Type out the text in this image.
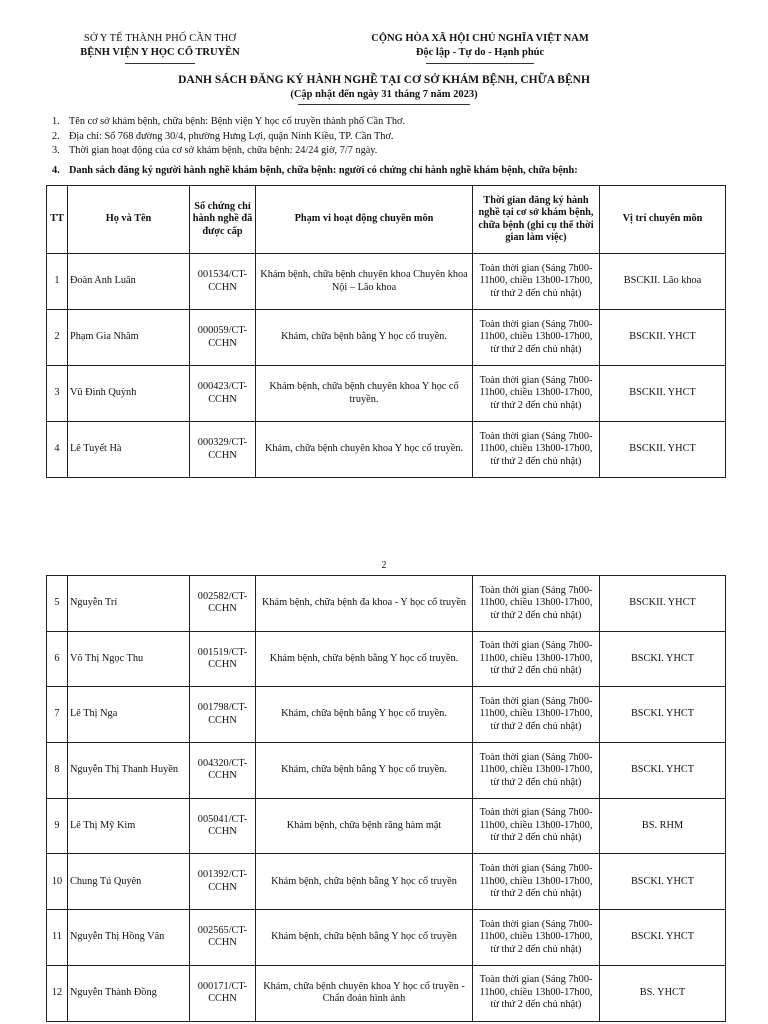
SỞ Y TẾ THÀNH PHỐ CẦN THƠ
BỆNH VIỆN Y HỌC CỔ TRUYỀN
CỘNG HÒA XÃ HỘI CHỦ NGHĨA VIỆT NAM
Độc lập - Tự do - Hạnh phúc
DANH SÁCH ĐĂNG KÝ HÀNH NGHỀ TẠI CƠ SỞ KHÁM BỆNH, CHỮA BỆNH
(Cập nhật đến ngày 31 tháng 7 năm 2023)
1. Tên cơ sở khám bệnh, chữa bệnh: Bệnh viện Y học cổ truyền thành phố Cần Thơ.
2. Địa chỉ: Số 768 đường 30/4, phường Hưng Lợi, quận Ninh Kiều, TP. Cần Thơ.
3. Thời gian hoạt động của cơ sở khám bệnh, chữa bệnh: 24/24 giờ, 7/7 ngày.
4. Danh sách đăng ký người hành nghề khám bệnh, chữa bệnh: người có chứng chỉ hành nghề khám bệnh, chữa bệnh:
TT	Họ và Tên	Số chứng chỉ hành nghề đã được cấp	Phạm vi hoạt động chuyên môn	Thời gian đăng ký hành nghề tại cơ sở khám bệnh, chữa bệnh (ghi cụ thể thời gian làm việc)	Vị trí chuyên môn
1	Đoàn Anh Luân	001534/CT-CCHN	Khám bệnh, chữa bệnh chuyên khoa Chuyên khoa Nội – Lão khoa	Toàn thời gian (Sáng 7h00-11h00, chiều 13h00-17h00, từ thứ 2 đến chủ nhật)	BSCKII. Lão khoa
2	Phạm Gia Nhâm	000059/CT-CCHN	Khám, chữa bệnh bằng Y học cổ truyền.	Toàn thời gian (Sáng 7h00-11h00, chiều 13h00-17h00, từ thứ 2 đến chủ nhật)	BSCKII. YHCT
3	Vũ Đình Quỳnh	000423/CT-CCHN	Khám bệnh, chữa bệnh chuyên khoa Y học cổ truyền.	Toàn thời gian (Sáng 7h00-11h00, chiều 13h00-17h00, từ thứ 2 đến chủ nhật)	BSCKII. YHCT
4	Lê Tuyết Hà	000329/CT-CCHN	Khám, chữa bệnh chuyên khoa Y học cổ truyền.	Toàn thời gian (Sáng 7h00-11h00, chiều 13h00-17h00, từ thứ 2 đến chủ nhật)	BSCKII. YHCT
2
5	Nguyễn Trí	002582/CT-CCHN	Khám bệnh, chữa bệnh đa khoa - Y học cổ truyền	Toàn thời gian (Sáng 7h00-11h00, chiều 13h00-17h00, từ thứ 2 đến chủ nhật)	BSCKII. YHCT
6	Võ Thị Ngọc Thu	001519/CT-CCHN	Khám bệnh, chữa bệnh bằng Y học cổ truyền.	Toàn thời gian (Sáng 7h00-11h00, chiều 13h00-17h00, từ thứ 2 đến chủ nhật)	BSCKI. YHCT
7	Lê Thị Nga	001798/CT-CCHN	Khám, chữa bệnh bằng Y học cổ truyền.	Toàn thời gian (Sáng 7h00-11h00, chiều 13h00-17h00, từ thứ 2 đến chủ nhật)	BSCKI. YHCT
8	Nguyễn Thị Thanh Huyền	004320/CT-CCHN	Khám, chữa bệnh bằng Y học cổ truyền.	Toàn thời gian (Sáng 7h00-11h00, chiều 13h00-17h00, từ thứ 2 đến chủ nhật)	BSCKI. YHCT
9	Lê Thị Mỹ Kim	005041/CT-CCHN	Khám bệnh, chữa bệnh răng hàm mặt	Toàn thời gian (Sáng 7h00-11h00, chiều 13h00-17h00, từ thứ 2 đến chủ nhật)	BS. RHM
10	Chung Tú Quyên	001392/CT-CCHN	Khám bệnh, chữa bệnh bằng Y học cổ truyền	Toàn thời gian (Sáng 7h00-11h00, chiều 13h00-17h00, từ thứ 2 đến chủ nhật)	BSCKI. YHCT
11	Nguyễn Thị Hồng Vân	002565/CT-CCHN	Khám bệnh, chữa bệnh bằng Y học cổ truyền	Toàn thời gian (Sáng 7h00-11h00, chiều 13h00-17h00, từ thứ 2 đến chủ nhật)	BSCKI. YHCT
12	Nguyễn Thành Đồng	000171/CT-CCHN	Khám, chữa bệnh chuyên khoa Y học cổ truyền - Chẩn đoán hình ảnh	Toàn thời gian (Sáng 7h00-11h00, chiều 13h00-17h00, từ thứ 2 đến chủ nhật)	BS. YHCT
